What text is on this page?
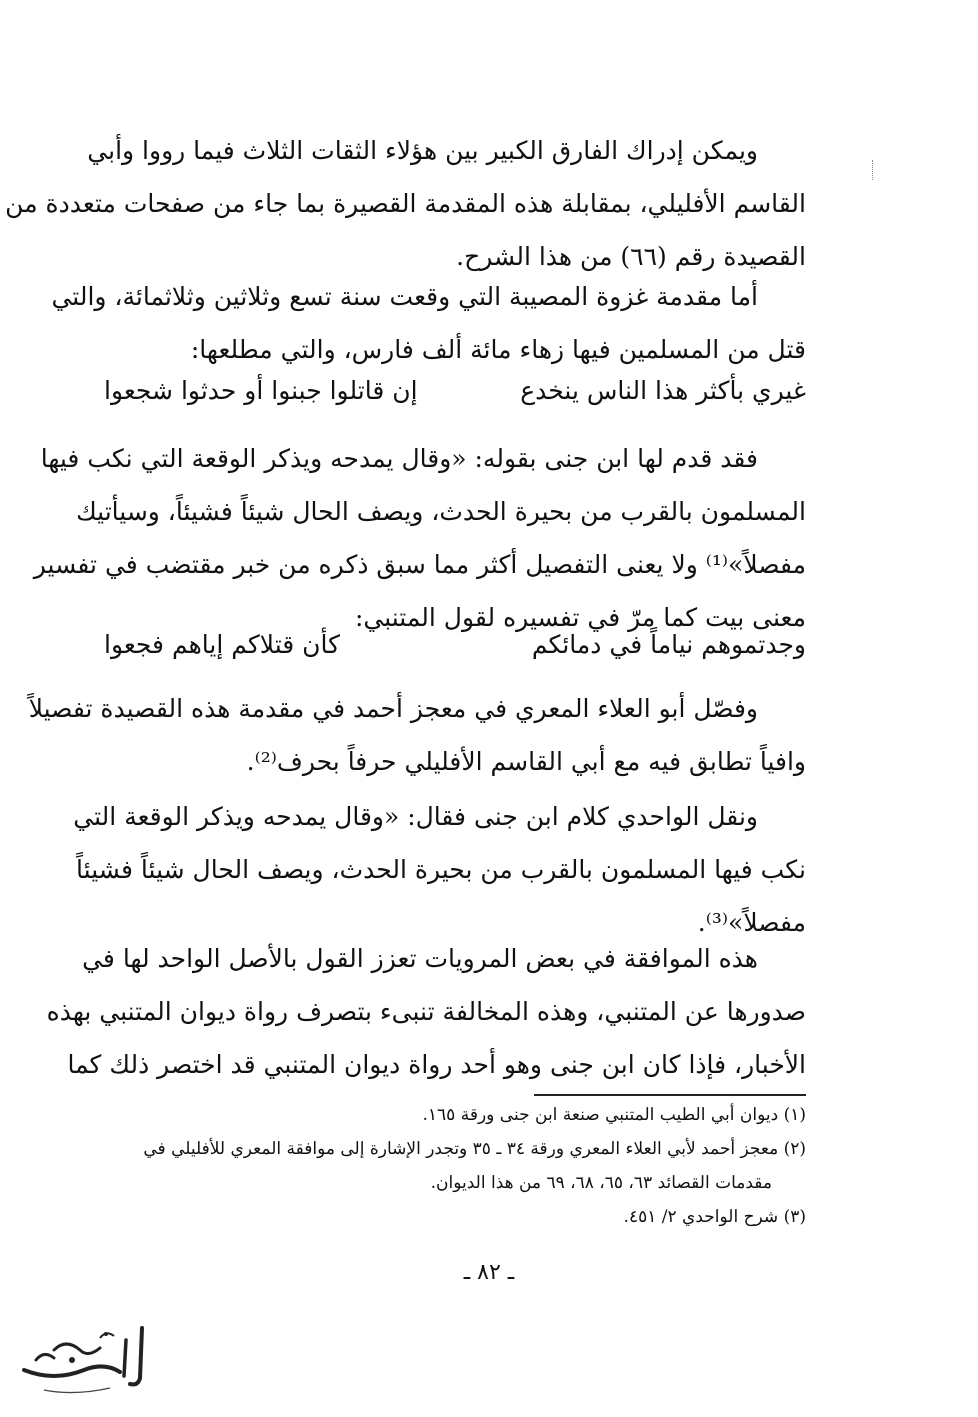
ويمكن إدراك الفارق الكبير بين هؤلاء الثقات الثلاث فيما رووا وأبي
القاسم الأفليلي، بمقابلة هذه المقدمة القصيرة بما جاء من صفحات متعددة من
القصيدة رقم (٦٦) من هذا الشرح.
أما مقدمة غزوة المصيبة التي وقعت سنة تسع وثلاثين وثلاثمائة، والتي
قتل من المسلمين فيها زهاء مائة ألف فارس، والتي مطلعها:
غيري بأكثر هذا الناس ينخدع
إن قاتلوا جبنوا أو حدثوا شجعوا
فقد قدم لها ابن جنى بقوله: «وقال يمدحه ويذكر الوقعة التي نكب فيها
المسلمون بالقرب من بحيرة الحدث، ويصف الحال شيئاً فشيئاً، وسيأتيك
مفصلاً»⁽¹⁾ ولا يعنى التفصيل أكثر مما سبق ذكره من خبر مقتضب في تفسير
معنى بيت كما مرّ في تفسيره لقول المتنبي:
وجدتموهم نياماً في دمائكم
كأن قتلاكم إياهم فجعوا
وفصّل أبو العلاء المعري في معجز أحمد في مقدمة هذه القصيدة تفصيلاً
وافياً تطابق فيه مع أبي القاسم الأفليلي حرفاً بحرف⁽²⁾.
ونقل الواحدي كلام ابن جنى فقال: «وقال يمدحه ويذكر الوقعة التي
نكب فيها المسلمون بالقرب من بحيرة الحدث، ويصف الحال شيئاً فشيئاً
مفصلاً»⁽³⁾.
هذه الموافقة في بعض المرويات تعزز القول بالأصل الواحد لها في
صدورها عن المتنبي، وهذه المخالفة تنبىء بتصرف رواة ديوان المتنبي بهذه
الأخبار، فإذا كان ابن جنى وهو أحد رواة ديوان المتنبي قد اختصر ذلك كما
(١) ديوان أبي الطيب المتنبي صنعة ابن جنى ورقة ١٦٥.
(٢) معجز أحمد لأبي العلاء المعري ورقة ٣٤ ـ ٣٥ وتجدر الإشارة إلى موافقة المعري للأفليلي في
مقدمات القصائد ٦٣، ٦٥، ٦٨، ٦٩ من هذا الديوان.
(٣) شرح الواحدي ٢/ ٤٥١.
ـ ٨٢ ـ
